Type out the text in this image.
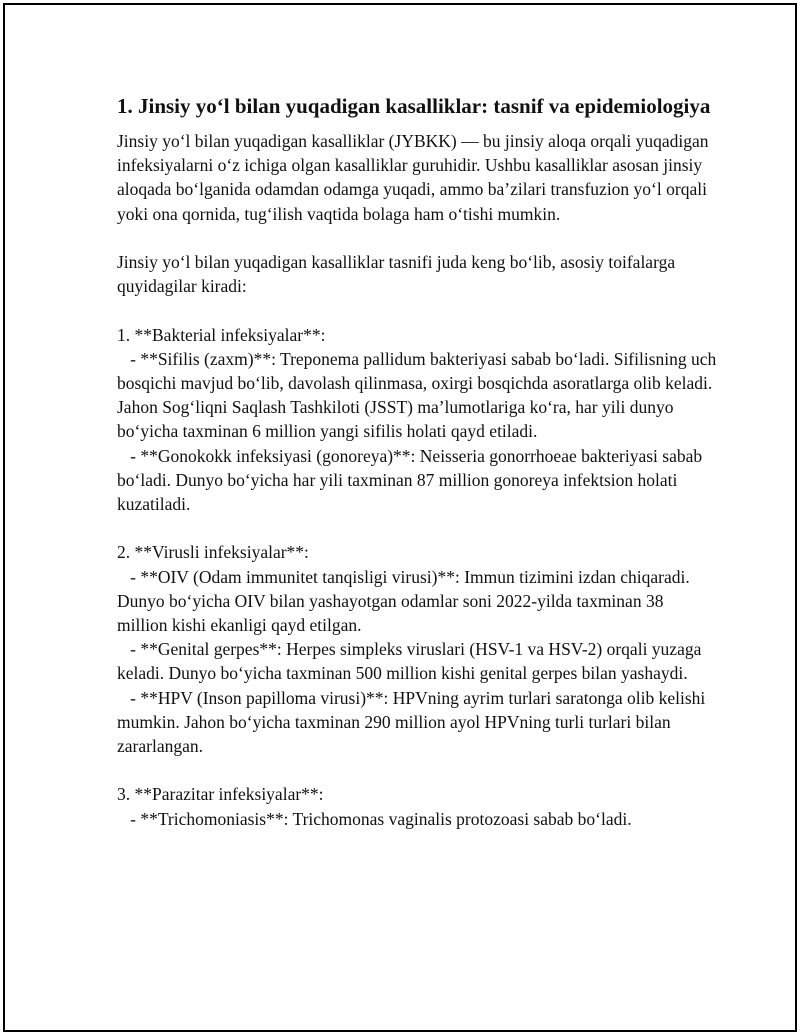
1. Jinsiy yo‘l bilan yuqadigan kasalliklar: tasnif va epidemiologiya

Jinsiy yo‘l bilan yuqadigan kasalliklar (JYBKK) — bu jinsiy aloqa orqali yuqadigan infeksiyalarni o‘z ichiga olgan kasalliklar guruhidir. Ushbu kasalliklar asosan jinsiy aloqada bo‘lganida odamdan odamga yuqadi, ammo ba’zilari transfuzion yo‘l orqali yoki ona qornida, tug‘ilish vaqtida bolaga ham o‘tishi mumkin.

Jinsiy yo‘l bilan yuqadigan kasalliklar tasnifi juda keng bo‘lib, asosiy toifalarga quyidagilar kiradi:

1. **Bakterial infeksiyalar**:
- **Sifilis (zaxm)**: Treponema pallidum bakteriyasi sabab bo‘ladi. Sifilisning uch bosqichi mavjud bo‘lib, davolash qilinmasa, oxirgi bosqichda asoratlarga olib keladi. Jahon Sog‘liqni Saqlash Tashkiloti (JSST) ma’lumotlariga ko‘ra, har yili dunyo bo‘yicha taxminan 6 million yangi sifilis holati qayd etiladi.
- **Gonokokk infeksiyasi (gonoreya)**: Neisseria gonorrhoeae bakteriyasi sabab bo‘ladi. Dunyo bo‘yicha har yili taxminan 87 million gonoreya infektsion holati kuzatiladi.

2. **Virusli infeksiyalar**:
- **OIV (Odam immunitet tanqisligi virusi)**: Immun tizimini izdan chiqaradi. Dunyo bo‘yicha OIV bilan yashayotgan odamlar soni 2022-yilda taxminan 38 million kishi ekanligi qayd etilgan.
- **Genital gerpes**: Herpes simpleks viruslari (HSV-1 va HSV-2) orqali yuzaga keladi. Dunyo bo‘yicha taxminan 500 million kishi genital gerpes bilan yashaydi.
- **HPV (Inson papilloma virusi)**: HPVning ayrim turlari saratonga olib kelishi mumkin. Jahon bo‘yicha taxminan 290 million ayol HPVning turli turlari bilan zararlangan.

3. **Parazitar infeksiyalar**:
- **Trichomoniasis**: Trichomonas vaginalis protozoasi sabab bo‘ladi.
